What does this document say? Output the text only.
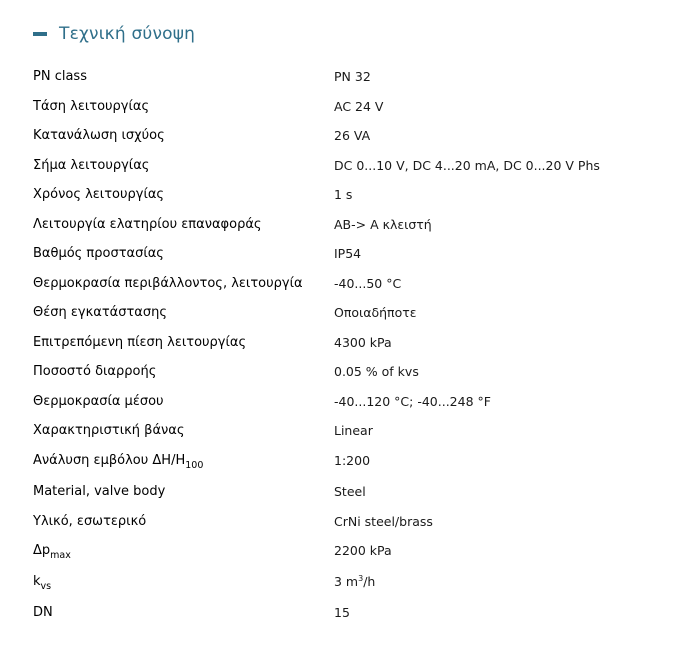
Τεχνική σύνοψη
PN class	PN 32
Τάση λειτουργίας	AC 24 V
Κατανάλωση ισχύος	26 VA
Σήμα λειτουργίας	DC 0...10 V, DC 4...20 mA, DC 0...20 V Phs
Χρόνος λειτουργίας	1 s
Λειτουργία ελατηρίου επαναφοράς	AB-> A κλειστή
Βαθμός προστασίας	IP54
Θερμοκρασία περιβάλλοντος, λειτουργία	-40...50 °C
Θέση εγκατάστασης	Οποιαδήποτε
Επιτρεπόμενη πίεση λειτουργίας	4300 kPa
Ποσοστό διαρροής	0.05 % of kvs
Θερμοκρασία μέσου	-40...120 °C; -40...248 °F
Χαρακτηριστική βάνας	Linear
Ανάλυση εμβόλου $\Delta H/H_{100}$	1:200
Material, valve body	Steel
Υλικό, εσωτερικό	CrNi steel/brass
$\Delta p_{max}$	2200 kPa
$k_{vs}$	3 $m^3/h$
DN	15
